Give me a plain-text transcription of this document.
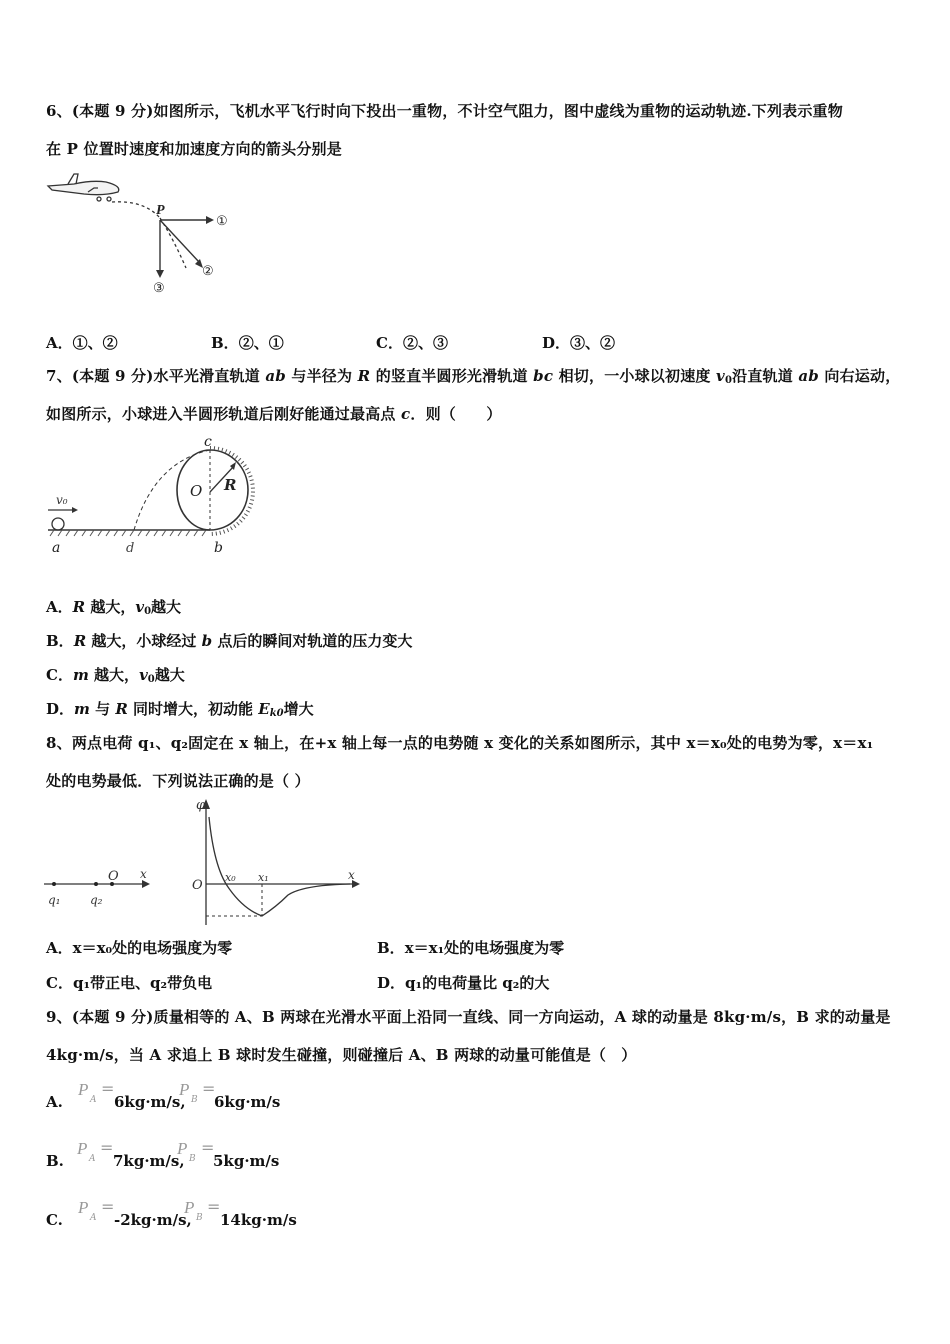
6、(本题 9 分)如图所示，飞机水平飞行时向下投出一重物，不计空气阻力，图中虚线为重物的运动轨迹.下列表示重物
在 P 位置时速度和加速度方向的箭头分别是
P
①
②
③
A．①、②	B．②、①	C．②、③	D．③、②
7、(本题 9 分)水平光滑直轨道 ab 与半径为 R 的竖直半圆形光滑轨道 bc 相切，一小球以初速度 $v_0$沿直轨道 ab 向右运动，
如图所示，小球进入半圆形轨道后刚好能通过最高点 c．则（　　）
v₀
c
O R
a	d	b
A．R 越大，$v_0$越大
B．R 越大，小球经过 b 点后的瞬间对轨道的压力变大
C．m 越大，$v_0$越大
D．m 与 R 同时增大，初动能 $E_{k0}$增大
8、两点电荷 q₁、q₂固定在 x 轴上，在+x 轴上每一点的电势随 x 变化的关系如图所示，其中 x＝x₀处的电势为零，x＝x₁
处的电势最低．下列说法正确的是（ ）
q₁ q₂
O x
φ
O
x₀ x₁	x
A．x＝x₀处的电场强度为零	B．x＝x₁处的电场强度为零
C．q₁带正电、q₂带负电	D．q₁的电荷量比 q₂的大
9、(本题 9 分)质量相等的 A、B 两球在光滑水平面上沿同一直线、同一方向运动，A 球的动量是 8kg·m/s，B 求的动量是
4kg·m/s，当 A 求追上 B 球时发生碰撞，则碰撞后 A、B 两球的动量可能值是（　）
A.
P
A
=
6kg·m/s,
P
B
=
6kg·m/s
B.
P
A
=
7kg·m/s,
P
B
=
5kg·m/s
C.
P
A
=
-2kg·m/s,
P
B
=
14kg·m/s
